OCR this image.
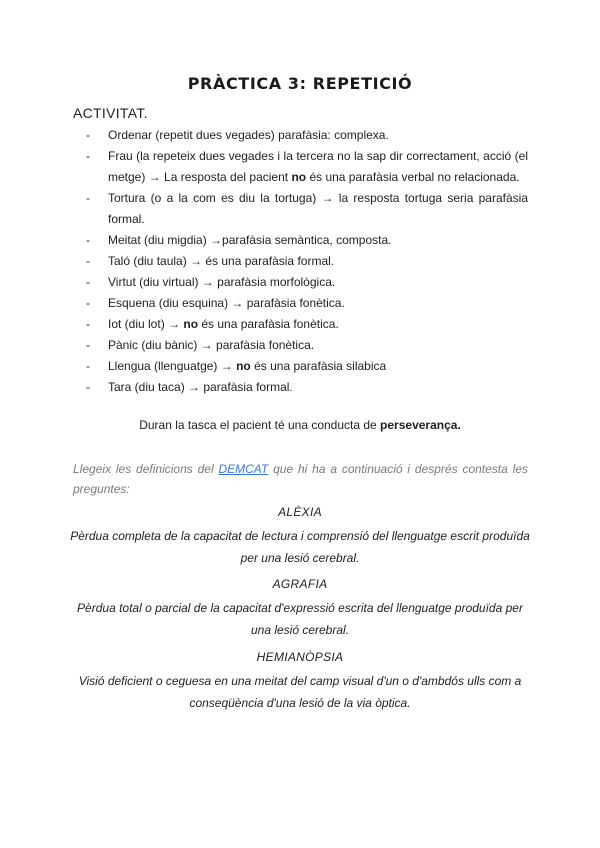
PRÀCTICA 3: REPETICIÓ
ACTIVITAT.
- Ordenar (repetit dues vegades) parafàsia: complexa.
- Frau (la repeteix dues vegades i la tercera no la sap dir correctament, acció (el metge) → La resposta del pacient no és una parafàsia verbal no relacionada.
- Tortura (o a la com es diu la tortuga) → la resposta tortuga seria parafàsia formal.
- Meitat (diu migdia) →parafàsia semàntica, composta.
- Taló (diu taula) → és una parafàsia formal.
- Virtut (diu virtual) → parafàsia morfològica.
- Esquena (diu esquina) → parafàsia fonètica.
- Iot (diu lot) → no és una parafàsia fonètica.
- Pànic (diu bànic) → parafàsia fonètica.
- Llengua (llenguatge) → no és una parafàsia silabica
- Tara (diu taca) → parafàsia formal.
Duran la tasca el pacient té una conducta de perseverança.
Llegeix les definicions del DEMCAT que hi ha a continuació i després contesta les preguntes:
ALÈXIA
Pèrdua completa de la capacitat de lectura i comprensió del llenguatge escrit produïda per una lesió cerebral.
AGRAFIA
Pèrdua total o parcial de la capacitat d'expressió escrita del llenguatge produïda per una lesió cerebral.
HEMIANÒPSIA
Visió deficient o ceguesa en una meitat del camp visual d'un o d'ambdós ulls com a conseqüència d'una lesió de la via òptica.
